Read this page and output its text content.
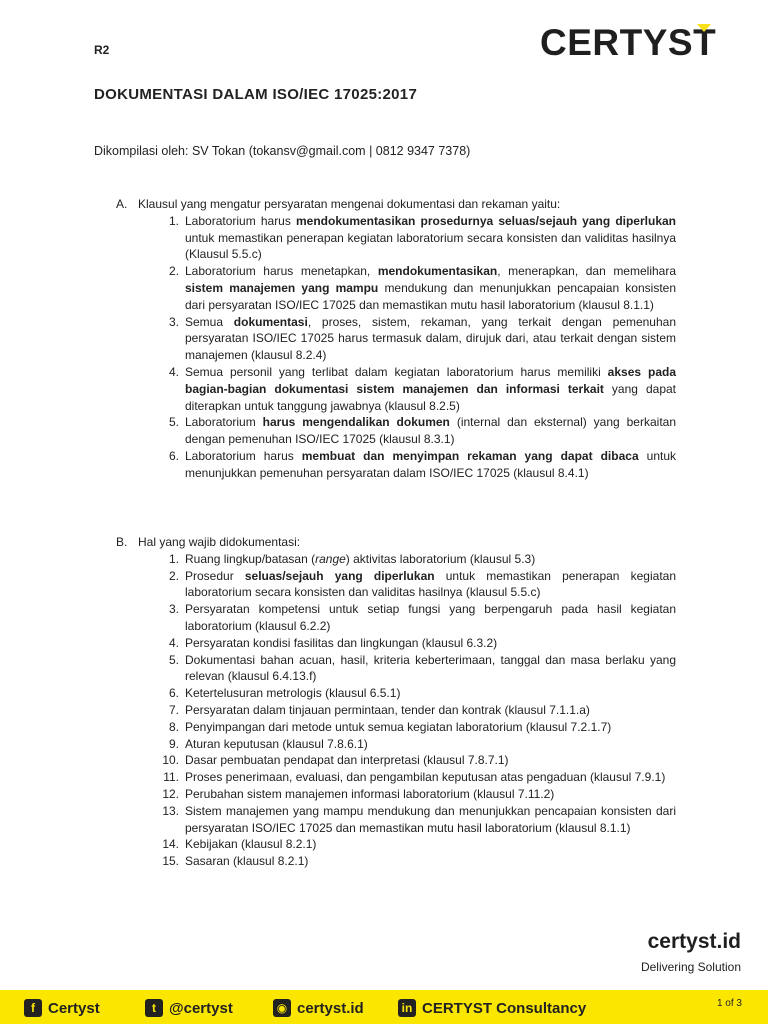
R2	CERTYST
DOKUMENTASI DALAM ISO/IEC 17025:2017
Dikompilasi oleh: SV Tokan (tokansv@gmail.com | 0812 9347 7378)
A. Klausul yang mengatur persyaratan mengenai dokumentasi dan rekaman yaitu:
1. Laboratorium harus mendokumentasikan prosedurnya seluas/sejauh yang diperlukan untuk memastikan penerapan kegiatan laboratorium secara konsisten dan validitas hasilnya (Klausul 5.5.c)
2. Laboratorium harus menetapkan, mendokumentasikan, menerapkan, dan memelihara sistem manajemen yang mampu mendukung dan menunjukkan pencapaian konsisten dari persyaratan ISO/IEC 17025 dan memastikan mutu hasil laboratorium (klausul 8.1.1)
3. Semua dokumentasi, proses, sistem, rekaman, yang terkait dengan pemenuhan persyaratan ISO/IEC 17025 harus termasuk dalam, dirujuk dari, atau terkait dengan sistem manajemen (klausul 8.2.4)
4. Semua personil yang terlibat dalam kegiatan laboratorium harus memiliki akses pada bagian-bagian dokumentasi sistem manajemen dan informasi terkait yang dapat diterapkan untuk tanggung jawabnya (klausul 8.2.5)
5. Laboratorium harus mengendalikan dokumen (internal dan eksternal) yang berkaitan dengan pemenuhan ISO/IEC 17025 (klausul 8.3.1)
6. Laboratorium harus membuat dan menyimpan rekaman yang dapat dibaca untuk menunjukkan pemenuhan persyaratan dalam ISO/IEC 17025 (klausul 8.4.1)
B. Hal yang wajib didokumentasi:
1. Ruang lingkup/batasan (range) aktivitas laboratorium (klausul 5.3)
2. Prosedur seluas/sejauh yang diperlukan untuk memastikan penerapan kegiatan laboratorium secara konsisten dan validitas hasilnya (klausul 5.5.c)
3. Persyaratan kompetensi untuk setiap fungsi yang berpengaruh pada hasil kegiatan laboratorium (klausul 6.2.2)
4. Persyaratan kondisi fasilitas dan lingkungan (klausul 6.3.2)
5. Dokumentasi bahan acuan, hasil, kriteria keberterimaan, tanggal dan masa berlaku yang relevan (klausul 6.4.13.f)
6. Ketertelusuran metrologis (klausul 6.5.1)
7. Persyaratan dalam tinjauan permintaan, tender dan kontrak (klausul 7.1.1.a)
8. Penyimpangan dari metode untuk semua kegiatan laboratorium (klausul 7.2.1.7)
9. Aturan keputusan (klausul 7.8.6.1)
10. Dasar pembuatan pendapat dan interpretasi (klausul 7.8.7.1)
11. Proses penerimaan, evaluasi, dan pengambilan keputusan atas pengaduan (klausul 7.9.1)
12. Perubahan sistem manajemen informasi laboratorium (klausul 7.11.2)
13. Sistem manajemen yang mampu mendukung dan menunjukkan pencapaian konsisten dari persyaratan ISO/IEC 17025 dan memastikan mutu hasil laboratorium (klausul 8.1.1)
14. Kebijakan (klausul 8.2.1)
15. Sasaran (klausul 8.2.1)
certyst.id
Delivering Solution
f Certyst	t @certyst	◉ certyst.id	in CERTYST Consultancy	1 of 3
